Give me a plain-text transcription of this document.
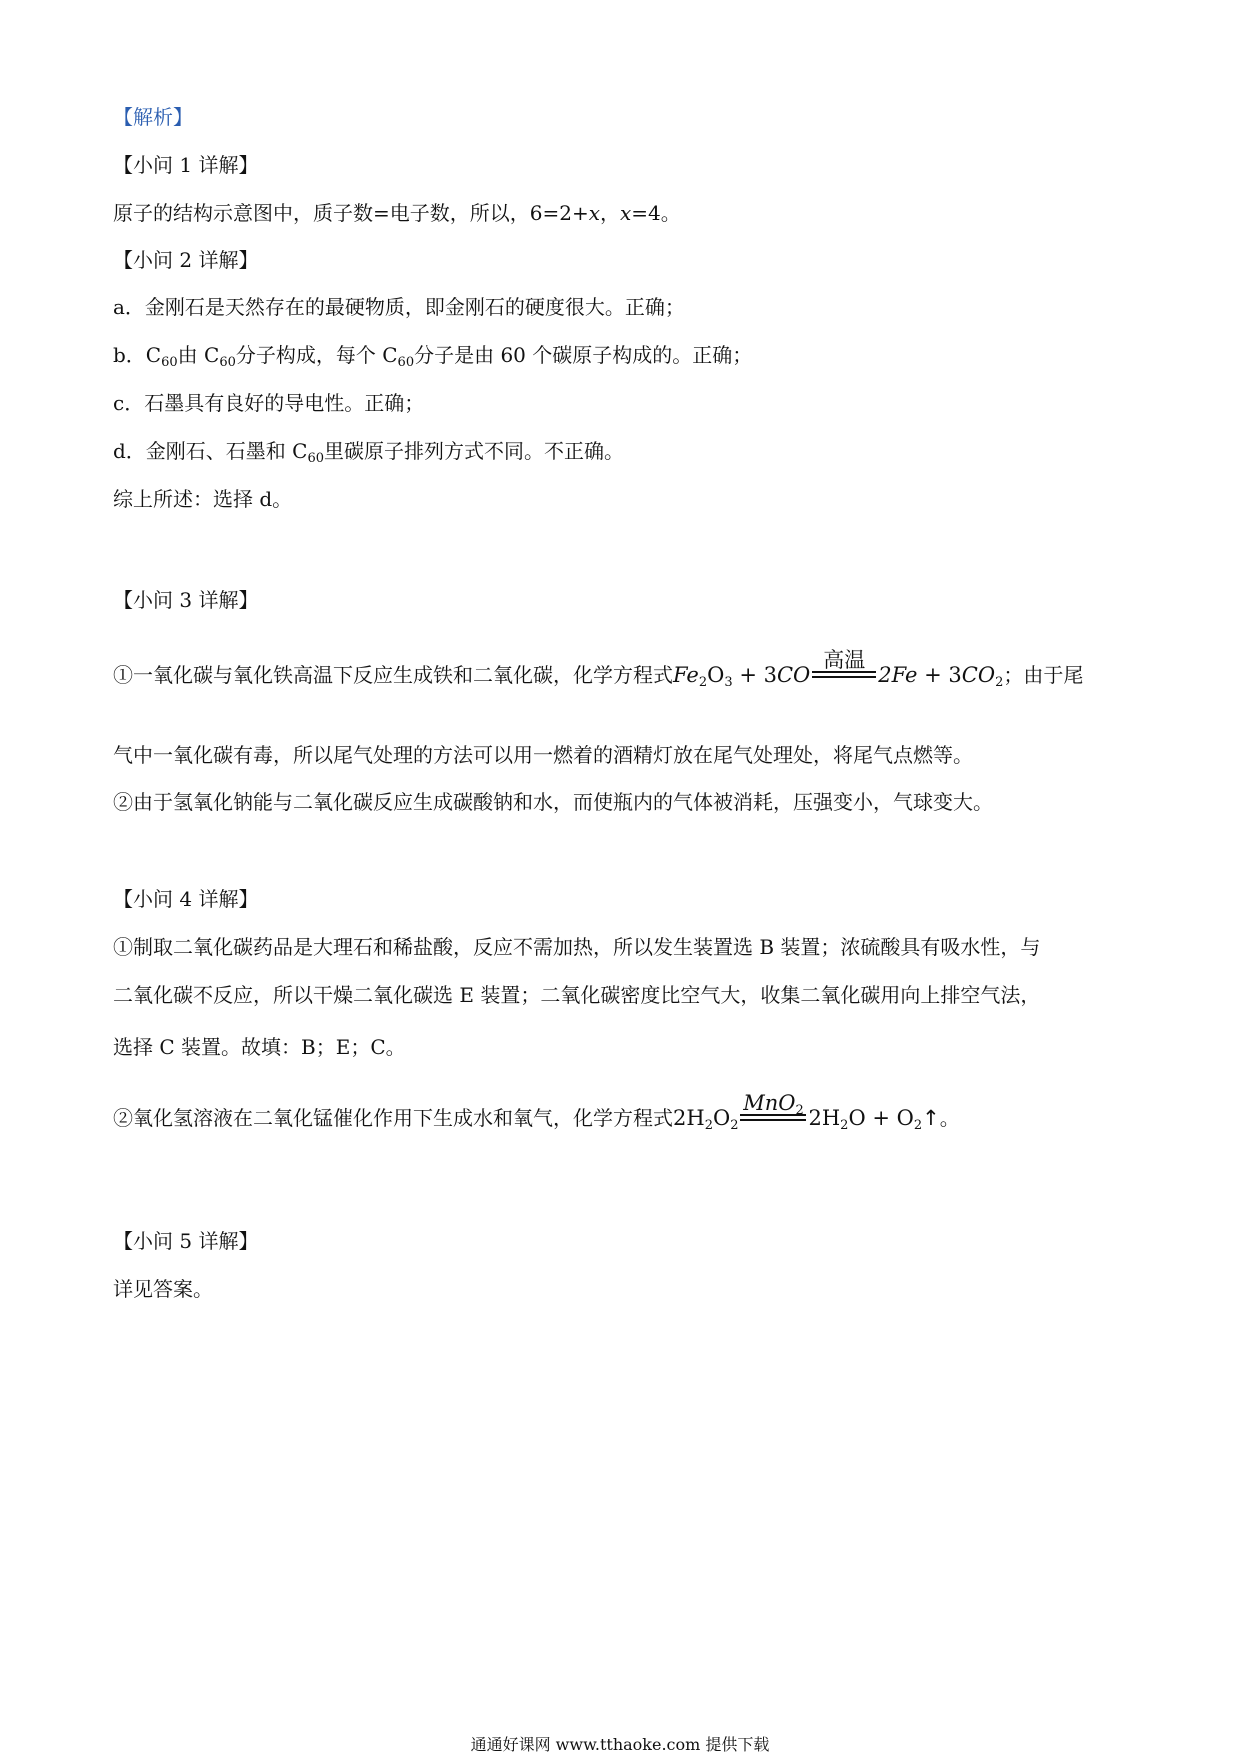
【解析】
【小问 1 详解】
原子的结构示意图中，质子数=电子数，所以，6=2+x，x=4。
【小问 2 详解】
a．金刚石是天然存在的最硬物质，即金刚石的硬度很大。正确；
b．$C_{60}$由 $C_{60}$分子构成，每个 $C_{60}$分子是由 60 个碳原子构成的。正确；
c．石墨具有良好的导电性。正确；
d．金刚石、石墨和 $C_{60}$里碳原子排列方式不同。不正确。
综上所述：选择 d。
【小问 3 详解】
①一氧化碳与氧化铁高温下反应生成铁和二氧化碳，化学方程式$Fe_2O_3 + 3CO$
高温
$2Fe + 3CO_2$；由于尾
气中一氧化碳有毒，所以尾气处理的方法可以用一燃着的酒精灯放在尾气处理处，将尾气点燃等。
②由于氢氧化钠能与二氧化碳反应生成碳酸钠和水，而使瓶内的气体被消耗，压强变小，气球变大。
【小问 4 详解】
①制取二氧化碳药品是大理石和稀盐酸，反应不需加热，所以发生装置选 B 装置；浓硫酸具有吸水性，与
二氧化碳不反应，所以干燥二氧化碳选 E 装置；二氧化碳密度比空气大，收集二氧化碳用向上排空气法，
选择 C 装置。故填：B；E；C。
②氧化氢溶液在二氧化锰催化作用下生成水和氧气，化学方程式$2H_2O_2$
MnO$_2$ $2H_2O$ + $O_2↑$。
【小问 5 详解】
详见答案。
通通好课网 www.tthaoke.com 提供下载
